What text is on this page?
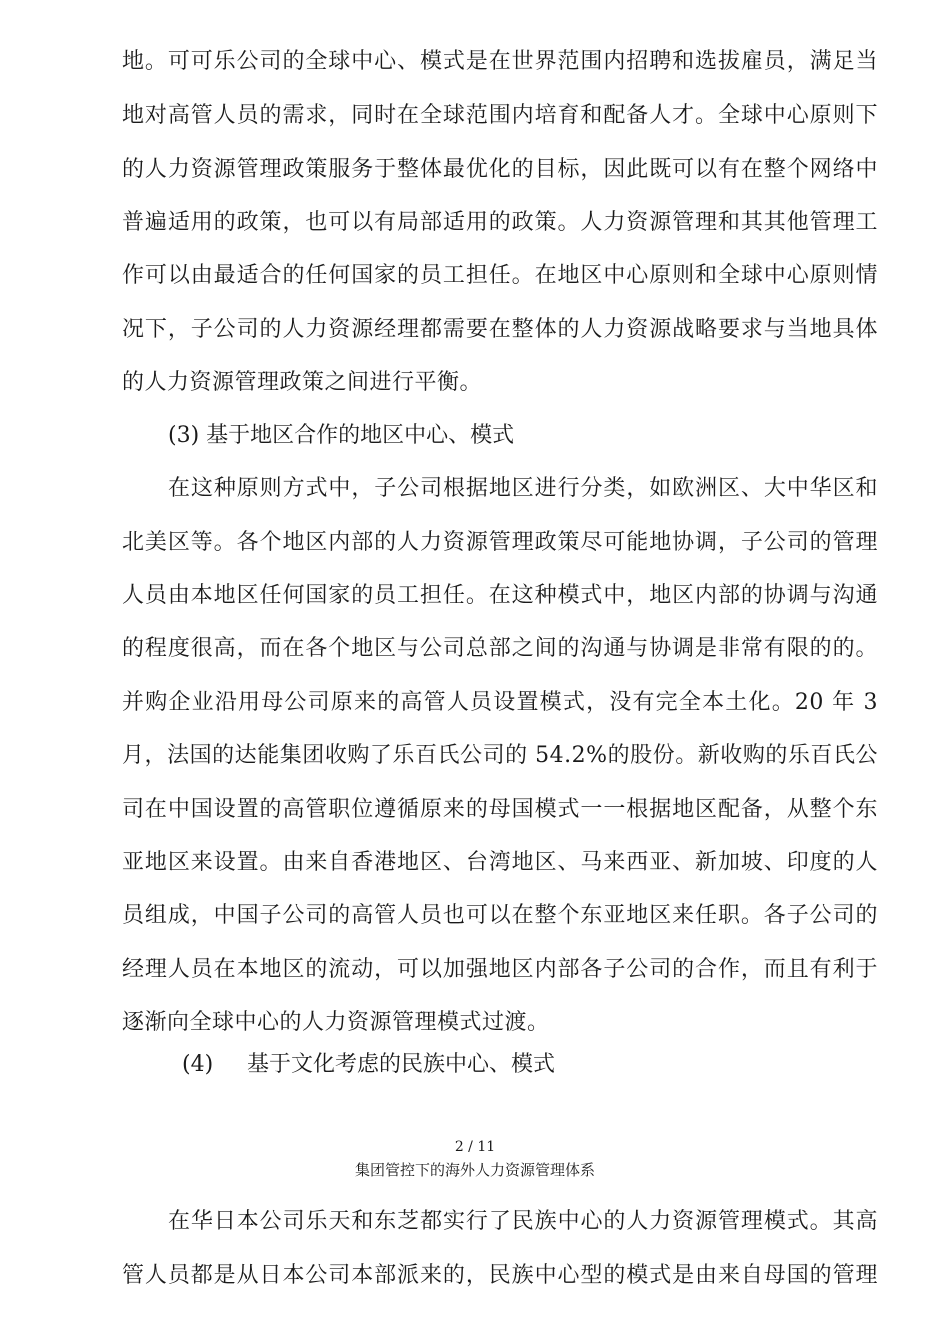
地。可可乐公司的全球中心、模式是在世界范围内招聘和选拔雇员，满足当
地对高管人员的需求，同时在全球范围内培育和配备人才。全球中心原则下
的人力资源管理政策服务于整体最优化的目标，因此既可以有在整个网络中
普遍适用的政策，也可以有局部适用的政策。人力资源管理和其其他管理工
作可以由最适合的任何国家的员工担任。在地区中心原则和全球中心原则情
况下，子公司的人力资源经理都需要在整体的人力资源战略要求与当地具体
的人力资源管理政策之间进行平衡。
(3) 基于地区合作的地区中心、模式
在这种原则方式中，子公司根据地区进行分类，如欧洲区、大中华区和
北美区等。各个地区内部的人力资源管理政策尽可能地协调，子公司的管理
人员由本地区任何国家的员工担任。在这种模式中，地区内部的协调与沟通
的程度很高，而在各个地区与公司总部之间的沟通与协调是非常有限的的。
并购企业沿用母公司原来的高管人员设置模式，没有完全本土化。20 年 3
月，法国的达能集团收购了乐百氏公司的 54.2%的股份。新收购的乐百氏公
司在中国设置的高管职位遵循原来的母国模式一一根据地区配备，从整个东
亚地区来设置。由来自香港地区、台湾地区、马来西亚、新加坡、印度的人
员组成，中国子公司的高管人员也可以在整个东亚地区来任职。各子公司的
经理人员在本地区的流动，可以加强地区内部各子公司的合作，而且有利于
逐渐向全球中心的人力资源管理模式过渡。
(4) 基于文化考虑的民族中心、模式
2 / 11
集团管控下的海外人力资源管理体系
在华日本公司乐天和东芝都实行了民族中心的人力资源管理模式。其高
管人员都是从日本公司本部派来的，民族中心型的模式是由来自母国的管理
